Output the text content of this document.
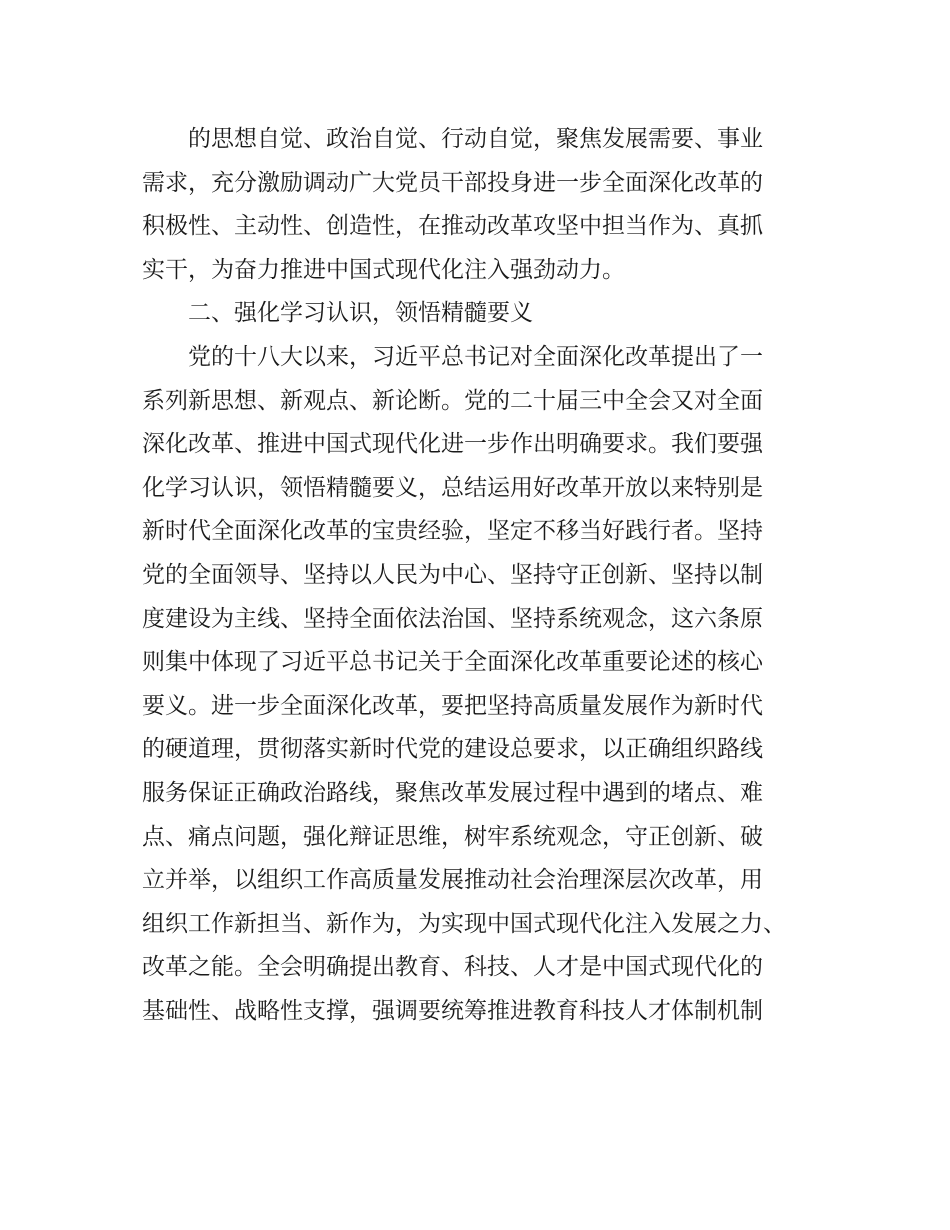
的思想自觉、政治自觉、行动自觉，聚焦发展需要、事业
需求，充分激励调动广大党员干部投身进一步全面深化改革的
积极性、主动性、创造性，在推动改革攻坚中担当作为、真抓
实干，为奋力推进中国式现代化注入强劲动力。
二、强化学习认识，领悟精髓要义
党的十八大以来，习近平总书记对全面深化改革提出了一
系列新思想、新观点、新论断。党的二十届三中全会又对全面
深化改革、推进中国式现代化进一步作出明确要求。我们要强
化学习认识，领悟精髓要义，总结运用好改革开放以来特别是
新时代全面深化改革的宝贵经验，坚定不移当好践行者。坚持
党的全面领导、坚持以人民为中心、坚持守正创新、坚持以制
度建设为主线、坚持全面依法治国、坚持系统观念，这六条原
则集中体现了习近平总书记关于全面深化改革重要论述的核心
要义。进一步全面深化改革，要把坚持高质量发展作为新时代
的硬道理，贯彻落实新时代党的建设总要求，以正确组织路线
服务保证正确政治路线，聚焦改革发展过程中遇到的堵点、难
点、痛点问题，强化辩证思维，树牢系统观念，守正创新、破
立并举，以组织工作高质量发展推动社会治理深层次改革，用
组织工作新担当、新作为，为实现中国式现代化注入发展之力、
改革之能。全会明确提出教育、科技、人才是中国式现代化的
基础性、战略性支撑，强调要统筹推进教育科技人才体制机制
